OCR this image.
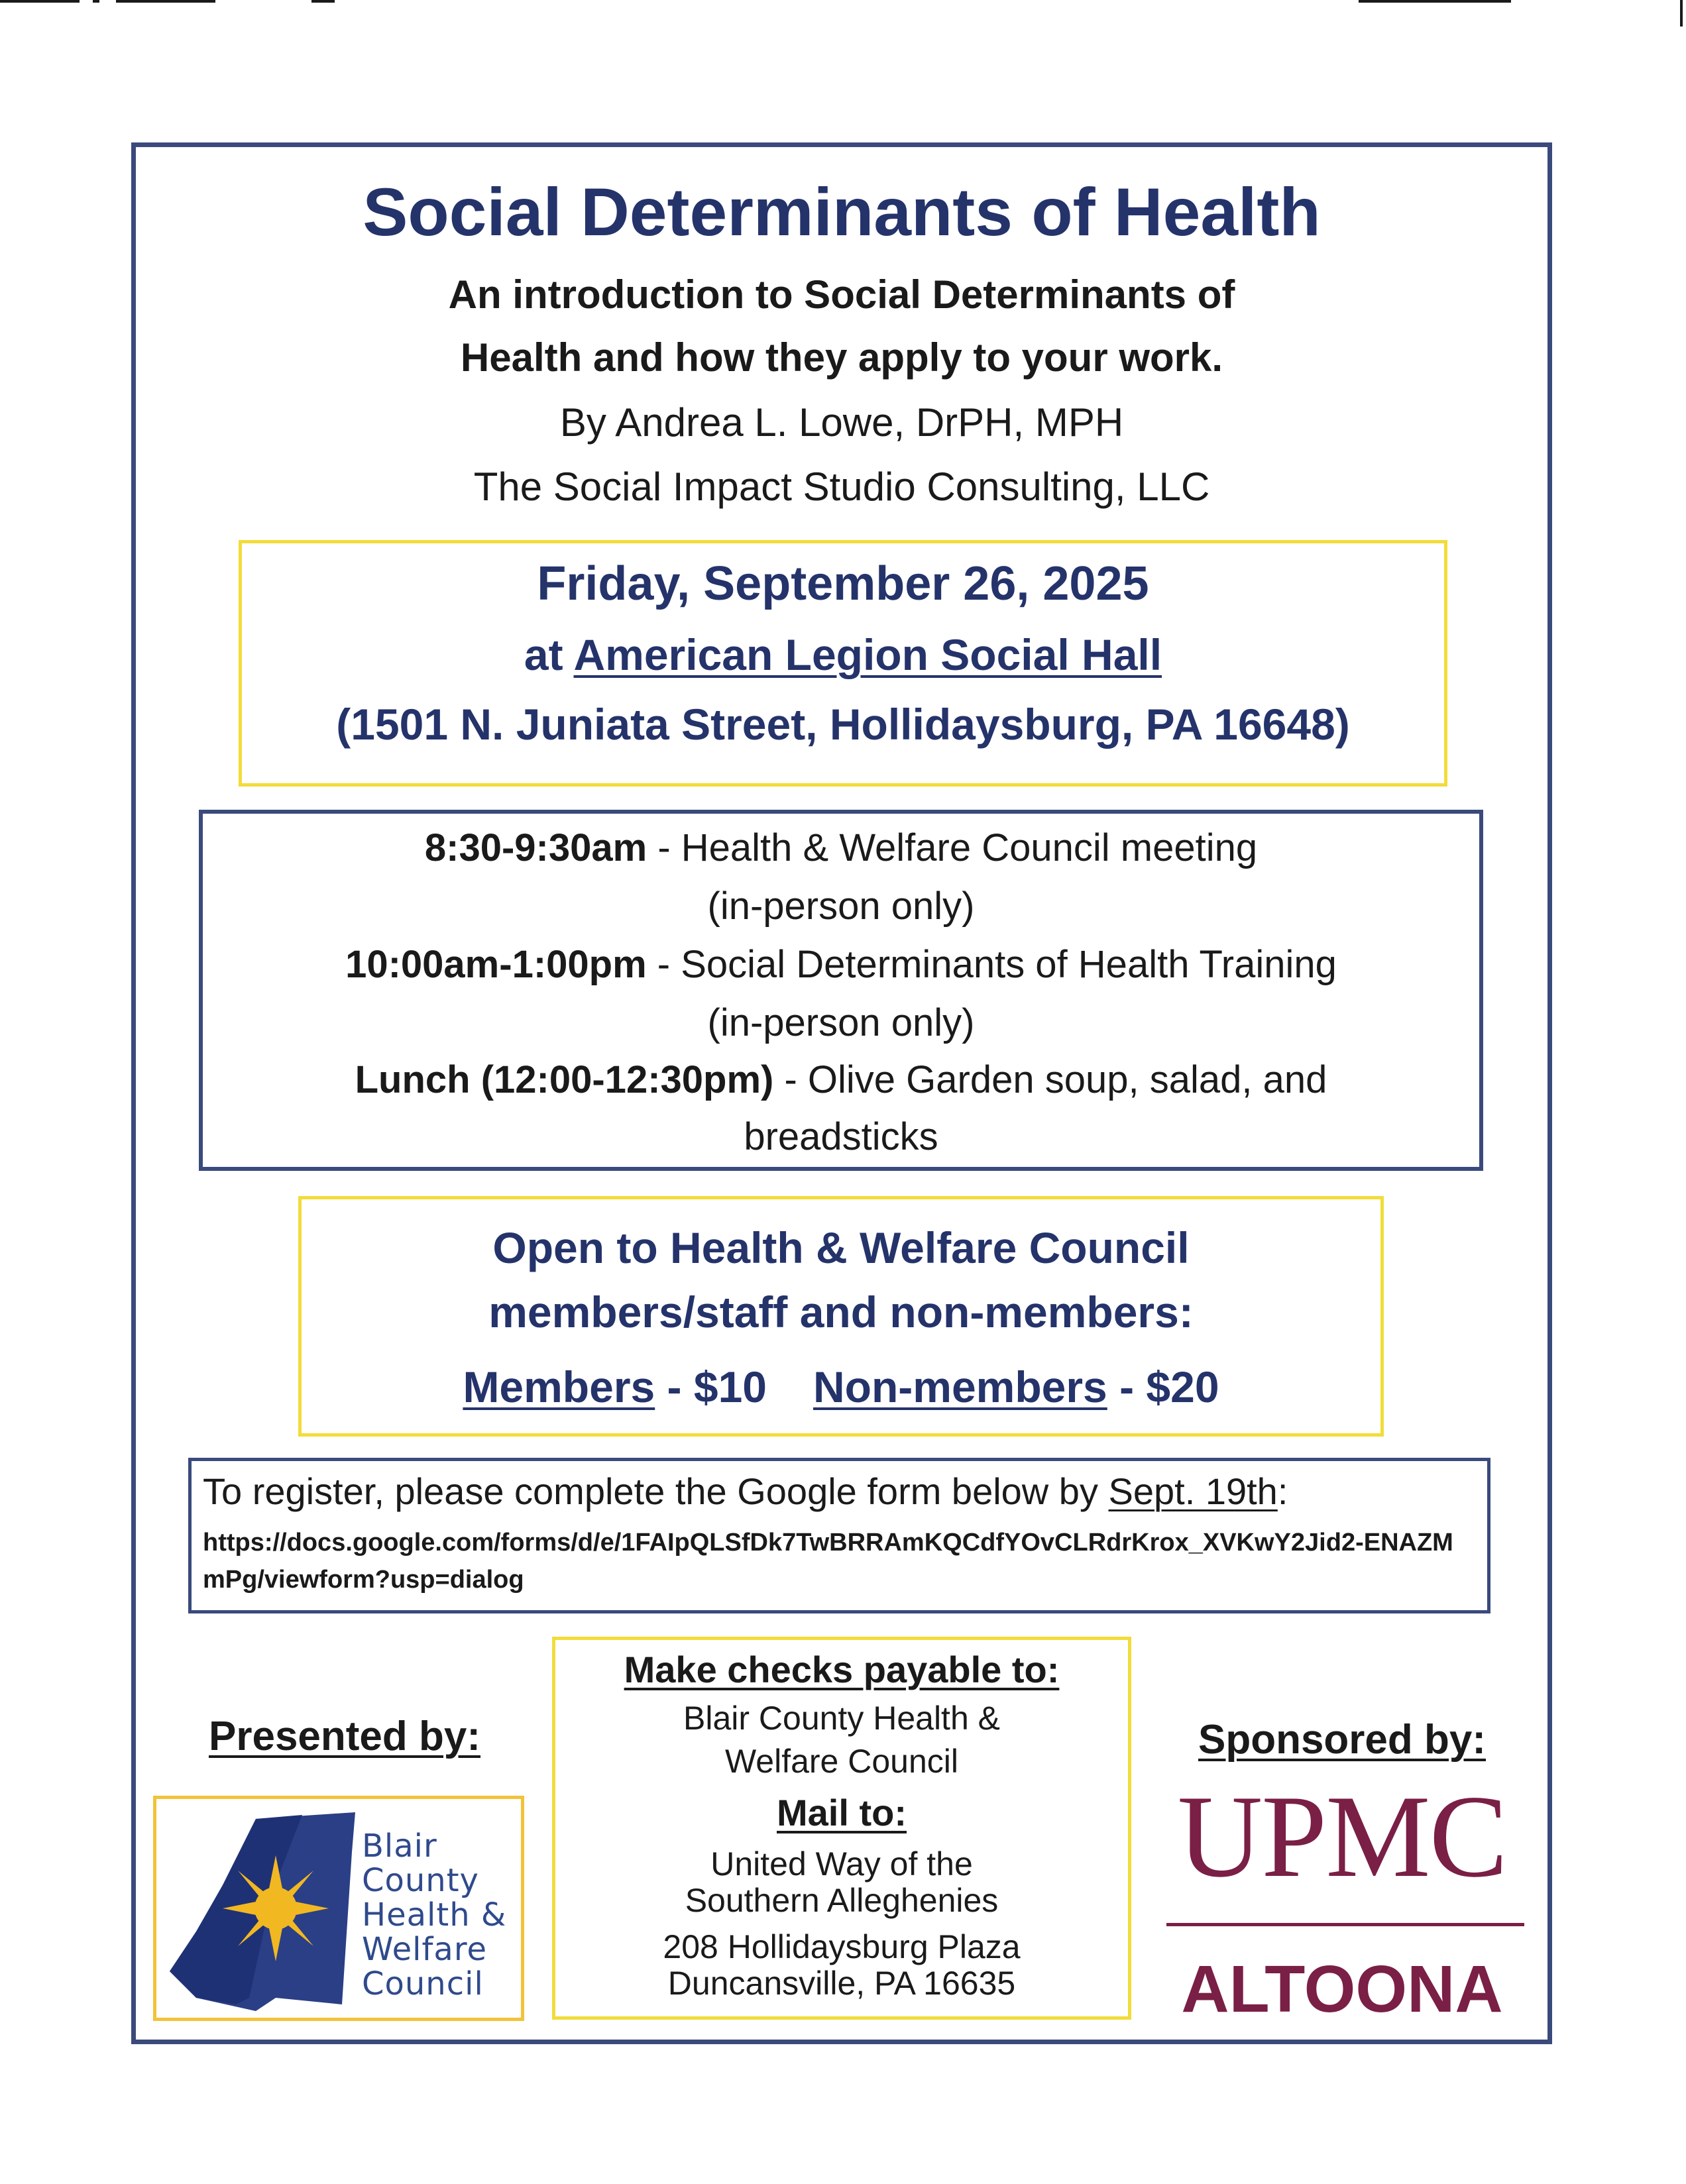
Social Determinants of Health
An introduction to Social Determinants of
Health and how they apply to your work.
By Andrea L. Lowe, DrPH, MPH
The Social Impact Studio Consulting, LLC
Friday, September 26, 2025
at American Legion Social Hall
(1501 N. Juniata Street, Hollidaysburg, PA 16648)
8:30-9:30am - Health & Welfare Council meeting
(in-person only)
10:00am-1:00pm - Social Determinants of Health Training
(in-person only)
Lunch (12:00-12:30pm) - Olive Garden soup, salad, and
breadsticks
Open to Health & Welfare Council
members/staff and non-members:
Members - $10 Non-members - $20
To register, please complete the Google form below by Sept. 19th:
https://docs.google.com/forms/d/e/1FAIpQLSfDk7TwBRRAmKQCdfYOvCLRdrKrox_XVKwY2Jid2-ENAZMmPg/viewform?usp=dialog
Make checks payable to:
Blair County Health &
Welfare Council
Mail to:
United Way of the
Southern Alleghenies
208 Hollidaysburg Plaza
Duncansville, PA 16635
Presented by:
Blair
County
Health &
Welfare
Council
Sponsored by:
UPMC
ALTOONA
